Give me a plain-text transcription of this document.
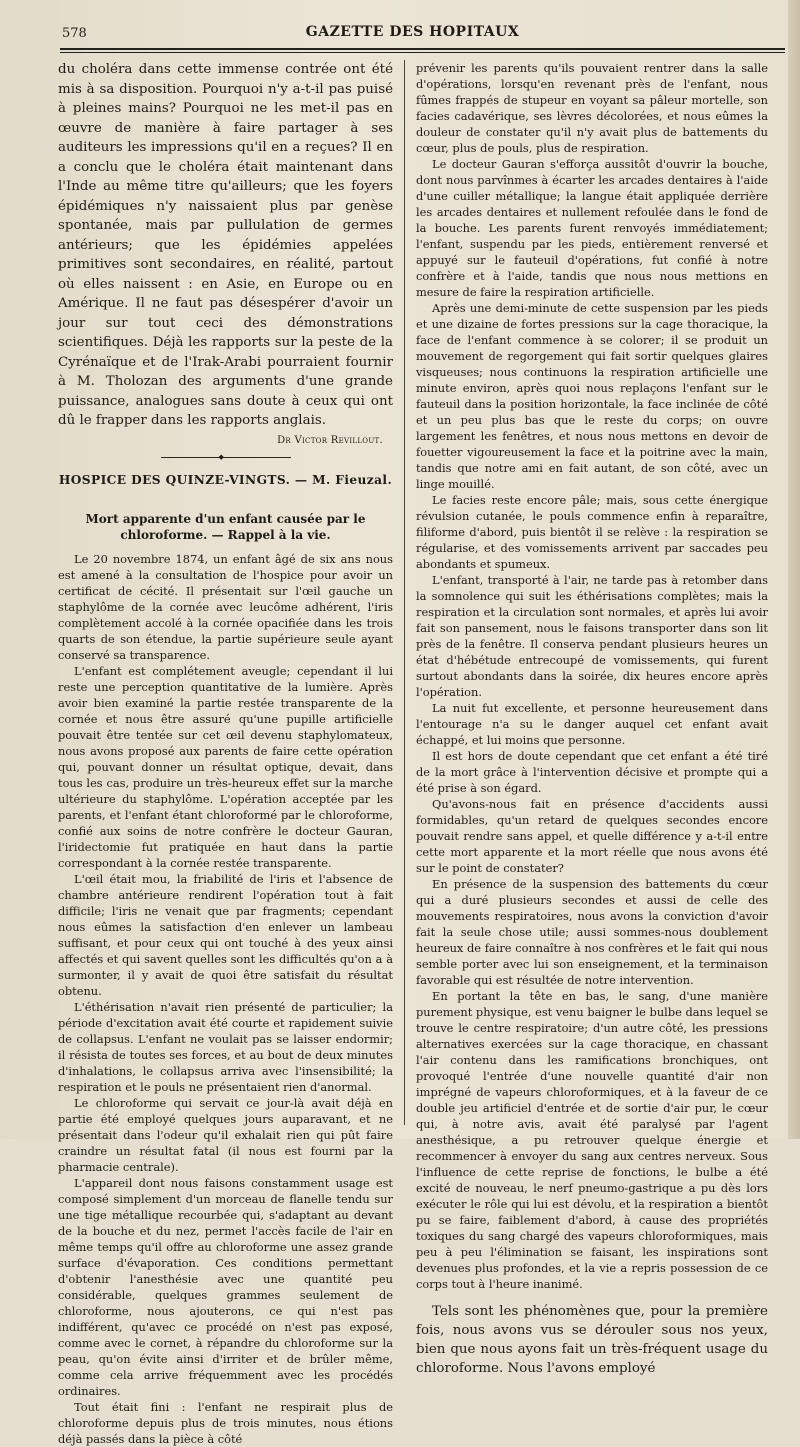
578	GAZETTE DES HOPITAUX

du choléra dans cette immense contrée ont été mis à sa disposition. Pourquoi n'y a-t-il pas puisé à pleines mains? Pourquoi ne les met-il pas en œuvre de manière à faire partager à ses auditeurs les impressions qu'il en a reçues? Il en a conclu que le choléra était maintenant dans l'Inde au même titre qu'ailleurs; que les foyers épidémiques n'y naissaient plus par genèse spontanée, mais par pullulation de germes antérieurs; que les épidémies appelées primitives sont secondaires, en réalité, partout où elles naissent : en Asie, en Europe ou en Amérique. Il ne faut pas désespérer d'avoir un jour sur tout ceci des démonstrations scientifiques. Déjà les rapports sur la peste de la Cyrénaïque et de l'Irak-Arabi pourraient fournir à M. Tholozan des arguments d'une grande puissance, analogues sans doute à ceux qui ont dû le frapper dans les rapports anglais.

Dr Victor Revillout.
◆
HOSPICE DES QUINZE-VINGTS. — M. Fieuzal.
Mort apparente d'un enfant causée par le chloroforme. — Rappel à la vie.

Le 20 novembre 1874, un enfant âgé de six ans nous est amené à la consultation de l'hospice pour avoir un certificat de cécité. Il présentait sur l'œil gauche un staphylôme de la cornée avec leucôme adhérent, l'iris complètement accolé à la cornée opacifiée dans les trois quarts de son étendue, la partie supérieure seule ayant conservé sa transparence.

L'enfant est complétement aveugle; cependant il lui reste une perception quantitative de la lumière. Après avoir bien examiné la partie restée transparente de la cornée et nous être assuré qu'une pupille artificielle pouvait être tentée sur cet œil devenu staphylomateux, nous avons proposé aux parents de faire cette opération qui, pouvant donner un résultat optique, devait, dans tous les cas, produire un très-heureux effet sur la marche ultérieure du staphylôme. L'opération acceptée par les parents, et l'enfant étant chloroformé par le chloroforme, confié aux soins de notre confrère le docteur Gauran, l'iridectomie fut pratiquée en haut dans la partie correspondant à la cornée restée transparente.

L'œil était mou, la friabilité de l'iris et l'absence de chambre antérieure rendirent l'opération tout à fait difficile; l'iris ne venait que par fragments; cependant nous eûmes la satisfaction d'en enlever un lambeau suffisant, et pour ceux qui ont touché à des yeux ainsi affectés et qui savent quelles sont les difficultés qu'on a à surmonter, il y avait de quoi être satisfait du résultat obtenu.

L'éthérisation n'avait rien présenté de particulier; la période d'excitation avait été courte et rapidement suivie de collapsus. L'enfant ne voulait pas se laisser endormir; il résista de toutes ses forces, et au bout de deux minutes d'inhalations, le collapsus arriva avec l'insensibilité; la respiration et le pouls ne présentaient rien d'anormal.

Le chloroforme qui servait ce jour-là avait déjà en partie été employé quelques jours auparavant, et ne présentait dans l'odeur qu'il exhalait rien qui pût faire craindre un résultat fatal (il nous est fourni par la pharmacie centrale).

L'appareil dont nous faisons constamment usage est composé simplement d'un morceau de flanelle tendu sur une tige métallique recourbée qui, s'adaptant au devant de la bouche et du nez, permet l'accès facile de l'air en même temps qu'il offre au chloroforme une assez grande surface d'évaporation. Ces conditions permettant d'obtenir l'anesthésie avec une quantité peu considérable, quelques grammes seulement de chloroforme, nous ajouterons, ce qui n'est pas indifférent, qu'avec ce procédé on n'est pas exposé, comme avec le cornet, à répandre du chloroforme sur la peau, qu'on évite ainsi d'irriter et de brûler même, comme cela arrive fréquemment avec les procédés ordinaires.

Tout était fini : l'enfant ne respirait plus de chloroforme depuis plus de trois minutes, nous étions déjà passés dans la pièce à côté

prévenir les parents qu'ils pouvaient rentrer dans la salle d'opérations, lorsqu'en revenant près de l'enfant, nous fûmes frappés de stupeur en voyant sa pâleur mortelle, son facies cadavérique, ses lèvres décolorées, et nous eûmes la douleur de constater qu'il n'y avait plus de battements du cœur, plus de pouls, plus de respiration.

Le docteur Gauran s'efforça aussitôt d'ouvrir la bouche, dont nous parvînmes à écarter les arcades dentaires à l'aide d'une cuiller métallique; la langue était appliquée derrière les arcades dentaires et nullement refoulée dans le fond de la bouche. Les parents furent renvoyés immédiatement; l'enfant, suspendu par les pieds, entièrement renversé et appuyé sur le fauteuil d'opérations, fut confié à notre confrère et à l'aide, tandis que nous nous mettions en mesure de faire la respiration artificielle.

Après une demi-minute de cette suspension par les pieds et une dizaine de fortes pressions sur la cage thoracique, la face de l'enfant commence à se colorer; il se produit un mouvement de regorgement qui fait sortir quelques glaires visqueuses; nous continuons la respiration artificielle une minute environ, après quoi nous replaçons l'enfant sur le fauteuil dans la position horizontale, la face inclinée de côté et un peu plus bas que le reste du corps; on ouvre largement les fenêtres, et nous nous mettons en devoir de fouetter vigoureusement la face et la poitrine avec la main, tandis que notre ami en fait autant, de son côté, avec un linge mouillé.

Le facies reste encore pâle; mais, sous cette énergique révulsion cutanée, le pouls commence enfin à reparaître, filiforme d'abord, puis bientôt il se relève : la respiration se régularise, et des vomissements arrivent par saccades peu abondants et spumeux.

L'enfant, transporté à l'air, ne tarde pas à retomber dans la somnolence qui suit les éthérisations complètes; mais la respiration et la circulation sont normales, et après lui avoir fait son pansement, nous le faisons transporter dans son lit près de la fenêtre. Il conserva pendant plusieurs heures un état d'hébétude entrecoupé de vomissements, qui furent surtout abondants dans la soirée, dix heures encore après l'opération.

La nuit fut excellente, et personne heureusement dans l'entourage n'a su le danger auquel cet enfant avait échappé, et lui moins que personne.

Il est hors de doute cependant que cet enfant a été tiré de la mort grâce à l'intervention décisive et prompte qui a été prise à son égard.

Qu'avons-nous fait en présence d'accidents aussi formidables, qu'un retard de quelques secondes encore pouvait rendre sans appel, et quelle différence y a-t-il entre cette mort apparente et la mort réelle que nous avons été sur le point de constater?

En présence de la suspension des battements du cœur qui a duré plusieurs secondes et aussi de celle des mouvements respiratoires, nous avons la conviction d'avoir fait la seule chose utile; aussi sommes-nous doublement heureux de faire connaître à nos confrères et le fait qui nous semble porter avec lui son enseignement, et la terminaison favorable qui est résultée de notre intervention.

En portant la tête en bas, le sang, d'une manière purement physique, est venu baigner le bulbe dans lequel se trouve le centre respiratoire; d'un autre côté, les pressions alternatives exercées sur la cage thoracique, en chassant l'air contenu dans les ramifications bronchiques, ont provoqué l'entrée d'une nouvelle quantité d'air non imprégné de vapeurs chloroformiques, et à la faveur de ce double jeu artificiel d'entrée et de sortie d'air pur, le cœur qui, à notre avis, avait été paralysé par l'agent anesthésique, a pu retrouver quelque énergie et recommencer à envoyer du sang aux centres nerveux. Sous l'influence de cette reprise de fonctions, le bulbe a été excité de nouveau, le nerf pneumo-gastrique a pu dès lors exécuter le rôle qui lui est dévolu, et la respiration a bientôt pu se faire, faiblement d'abord, à cause des propriétés toxiques du sang chargé des vapeurs chloroformiques, mais peu à peu l'élimination se faisant, les inspirations sont devenues plus profondes, et la vie a repris possession de ce corps tout à l'heure inanimé.

Tels sont les phénomènes que, pour la première fois, nous avons vus se dérouler sous nos yeux, bien que nous ayons fait un très-fréquent usage du chloroforme. Nous l'avons employé
